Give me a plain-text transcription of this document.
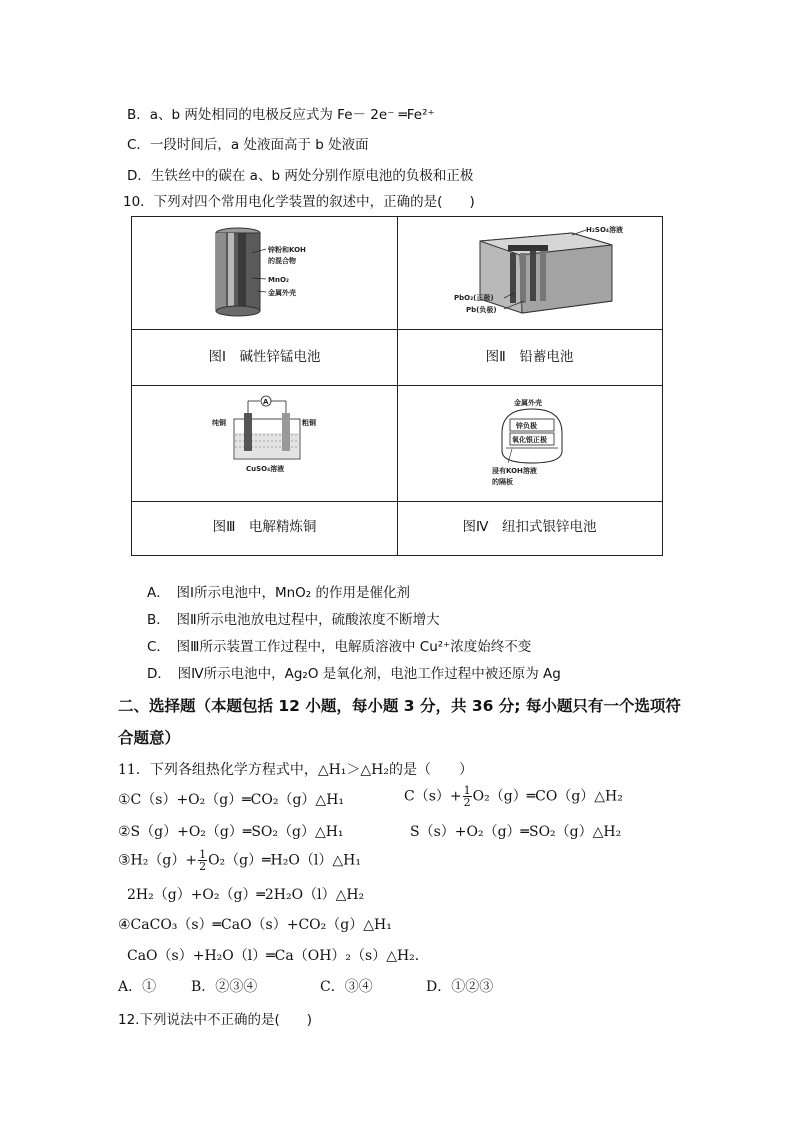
B．a、b 两处相同的电极反应式为 Fe－ 2e⁻ ═Fe²⁺
C．一段时间后，a 处液面高于 b 处液面
D．生铁丝中的碳在 a、b 两处分别作原电池的负极和正极
10．下列对四个常用电化学装置的叙述中，正确的是(　　)
锌粉和KOH
的混合物
MnO₂
金属外壳
H₂SO₄溶液
PbO₂(正极)
Pb(负极)
图Ⅰ　碱性锌锰电池	图Ⅱ　铅蓄电池
A
纯铜	粗铜
CuSO₄溶液
金属外壳
锌负极
氧化银正极
浸有KOH溶液
的隔板
图Ⅲ　电解精炼铜	图Ⅳ　纽扣式银锌电池
A．　图Ⅰ所示电池中，MnO₂ 的作用是催化剂
B．　图Ⅱ所示电池放电过程中，硫酸浓度不断增大
C．　图Ⅲ所示装置工作过程中，电解质溶液中 Cu²⁺浓度始终不变
D．　图Ⅳ所示电池中，Ag₂O 是氧化剂，电池工作过程中被还原为 Ag
二、选择题（本题包括 12 小题，每小题 3 分，共 36 分; 每小题只有一个选项符
合题意）
11．下列各组热化学方程式中，△H₁＞△H₂的是（　　）
①C（s）+O₂（g）═CO₂（g）△H₁	$C(s)+ \frac{1}{2}$ O₂（g）═CO（g）△H₂
②S（g）+O₂（g）═SO₂（g）△H₁	S（s）+O₂（g）═SO₂（g）△H₂
③H₂（g）+ $\frac{1}{2}$ O₂（g）═H₂O（l）△H₁
2H₂（g）+O₂（g）═2H₂O（l）△H₂
④CaCO₃（s）═CaO（s）+CO₂（g）△H₁
CaO（s）+H₂O（l）═Ca（OH）₂（s）△H₂.
A．① B．②③④	C．③④	D．①②③
12.下列说法中不正确的是(　　)
